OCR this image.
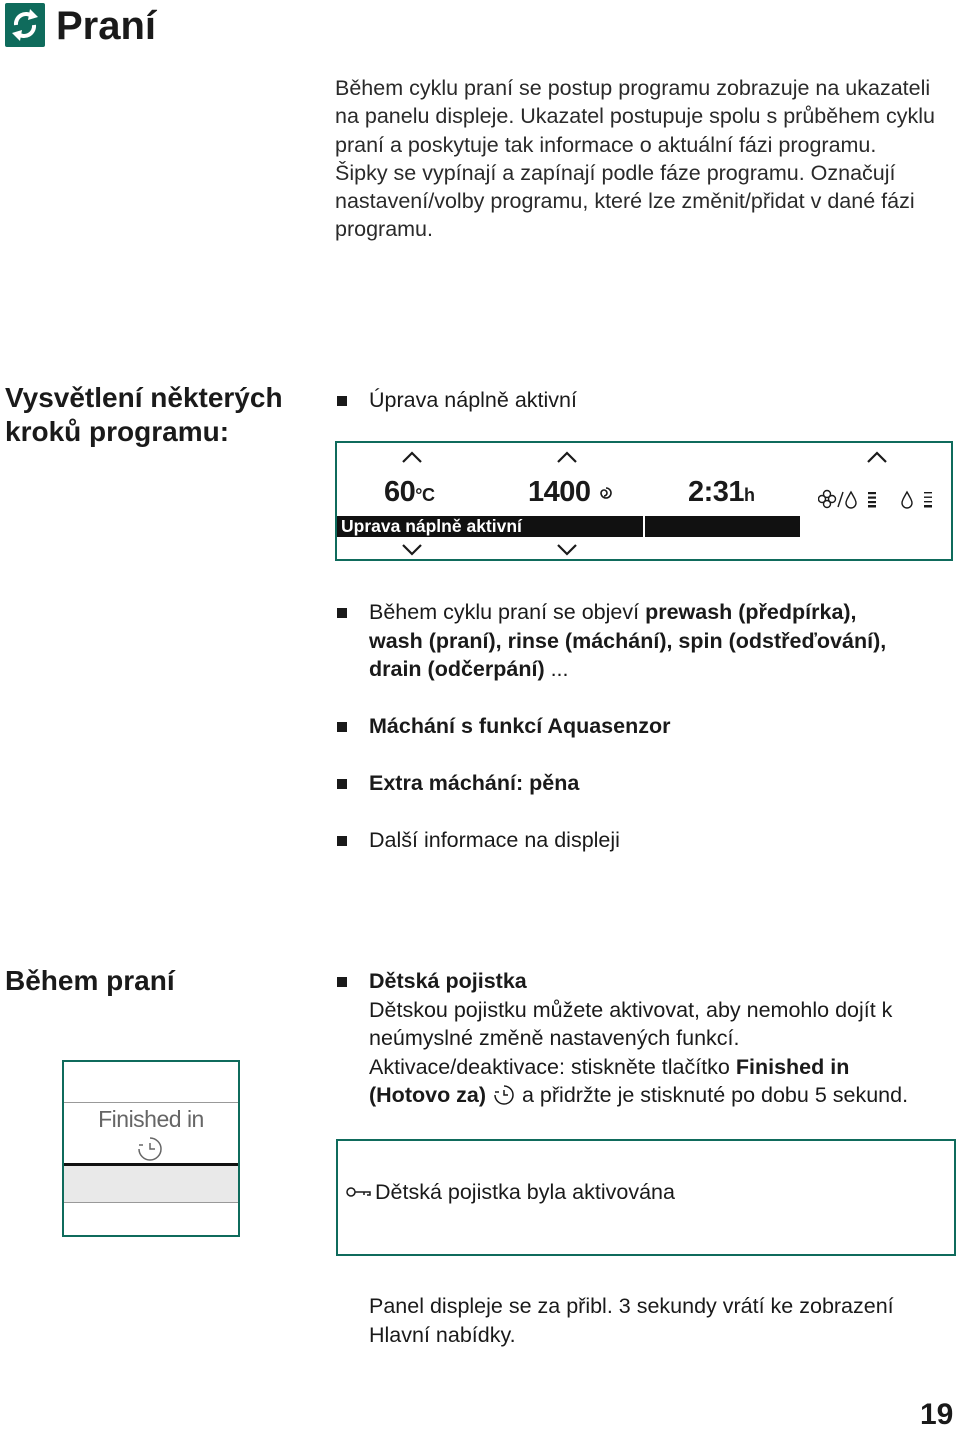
Praní

Během cyklu praní se postup programu zobrazuje na ukazateli na panelu displeje. Ukazatel postupuje spolu s průběhem cyklu praní a poskytuje tak informace o aktuální fázi programu.

Šipky se vypínají a zapínají podle fáze programu. Označují nastavení/volby programu, které lze změnit/přidat v dané fázi programu.

Vysvětlení některých
kroků programu:
Úprava náplně aktivní
60°C	1400	2:31h
Uprava náplně aktivní
Během cyklu praní se objeví prewash (předpírka),
wash (praní), rinse (máchání), spin (odstřeďování),
drain (odčerpání) ...
Máchání s funkcí Aquasenzor
Extra máchání: pěna
Další informace na displeji
Během praní
Finished in
Dětská pojistka
Dětskou pojistku můžete aktivovat, aby nemohlo dojít k
neúmyslné změně nastavených funkcí.
Aktivace/deaktivace: stiskněte tlačítko Finished in
(Hotovo za)  a přidržte je stisknuté po dobu 5 sekund.
Dětská pojistka byla aktivována
Panel displeje se za přibl. 3 sekundy vrátí ke zobrazení
Hlavní nabídky.
19
